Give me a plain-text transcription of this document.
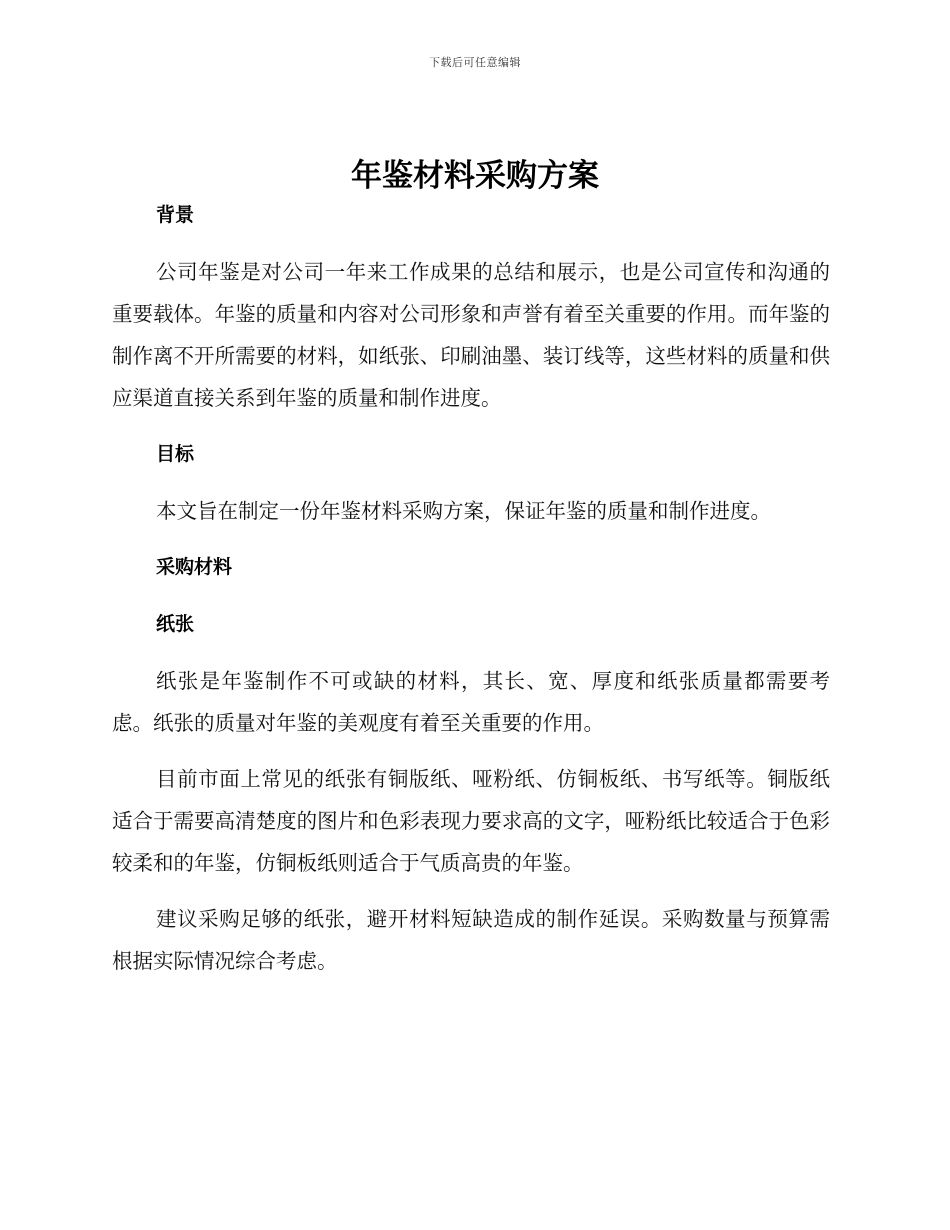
下载后可任意编辑
年鉴材料采购方案
背景

公司年鉴是对公司一年来工作成果的总结和展示，也是公司宣传和沟通的重要载体。年鉴的质量和内容对公司形象和声誉有着至关重要的作用。而年鉴的制作离不开所需要的材料，如纸张、印刷油墨、装订线等，这些材料的质量和供应渠道直接关系到年鉴的质量和制作进度。

目标

本文旨在制定一份年鉴材料采购方案，保证年鉴的质量和制作进度。

采购材料
纸张

纸张是年鉴制作不可或缺的材料，其长、宽、厚度和纸张质量都需要考虑。纸张的质量对年鉴的美观度有着至关重要的作用。

目前市面上常见的纸张有铜版纸、哑粉纸、仿铜板纸、书写纸等。铜版纸适合于需要高清楚度的图片和色彩表现力要求高的文字，哑粉纸比较适合于色彩较柔和的年鉴，仿铜板纸则适合于气质高贵的年鉴。

建议采购足够的纸张，避开材料短缺造成的制作延误。采购数量与预算需根据实际情况综合考虑。
